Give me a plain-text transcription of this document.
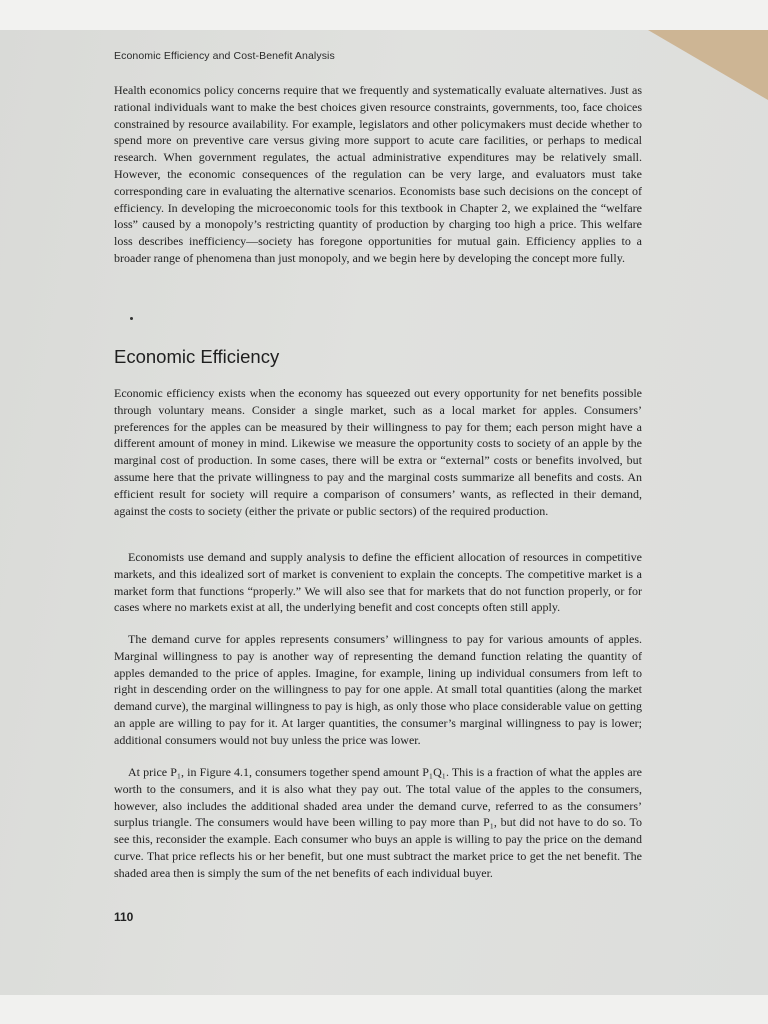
Economic Efficiency and Cost-Benefit Analysis

Health economics policy concerns require that we frequently and systematically evaluate alternatives. Just as rational individuals want to make the best choices given resource constraints, governments, too, face choices constrained by resource availability. For example, legislators and other policymakers must decide whether to spend more on preventive care versus giving more support to acute care facilities, or perhaps to medical research. When government regulates, the actual administrative expenditures may be relatively small. However, the economic consequences of the regulation can be very large, and evaluators must take corresponding care in evaluating the alternative scenarios. Economists base such decisions on the concept of efficiency. In developing the microeconomic tools for this textbook in Chapter 2, we explained the “welfare loss” caused by a monopoly’s restricting quantity of production by charging too high a price. This welfare loss describes inefficiency—society has foregone opportunities for mutual gain. Efficiency applies to a broader range of phenomena than just monopoly, and we begin here by developing the concept more fully.

Economic Efficiency

Economic efficiency exists when the economy has squeezed out every opportunity for net benefits possible through voluntary means. Consider a single market, such as a local market for apples. Consumers’ preferences for the apples can be measured by their willingness to pay for them; each person might have a different amount of money in mind. Likewise we measure the opportunity costs to society of an apple by the marginal cost of production. In some cases, there will be extra or “external” costs or benefits involved, but assume here that the private willingness to pay and the marginal costs summarize all benefits and costs. An efficient result for society will require a comparison of consumers’ wants, as reflected in their demand, against the costs to society (either the private or public sectors) of the required production.

Economists use demand and supply analysis to define the efficient allocation of resources in competitive markets, and this idealized sort of market is convenient to explain the concepts. The competitive market is a market form that functions “properly.” We will also see that for markets that do not function properly, or for cases where no markets exist at all, the underlying benefit and cost concepts often still apply.

The demand curve for apples represents consumers’ willingness to pay for various amounts of apples. Marginal willingness to pay is another way of representing the demand function relating the quantity of apples demanded to the price of apples. Imagine, for example, lining up individual consumers from left to right in descending order on the willingness to pay for one apple. At small total quantities (along the market demand curve), the marginal willingness to pay is high, as only those who place considerable value on getting an apple are willing to pay for it. At larger quantities, the consumer’s marginal willingness to pay is lower; additional consumers would not buy unless the price was lower.

At price P₁, in Figure 4.1, consumers together spend amount P₁Q₁. This is a fraction of what the apples are worth to the consumers, and it is also what they pay out. The total value of the apples to the consumers, however, also includes the additional shaded area under the demand curve, referred to as the consumers’ surplus triangle. The consumers would have been willing to pay more than P₁, but did not have to do so. To see this, reconsider the example. Each consumer who buys an apple is willing to pay the price on the demand curve. That price reflects his or her benefit, but one must subtract the market price to get the net benefit. The shaded area then is simply the sum of the net benefits of each individual buyer.

110
